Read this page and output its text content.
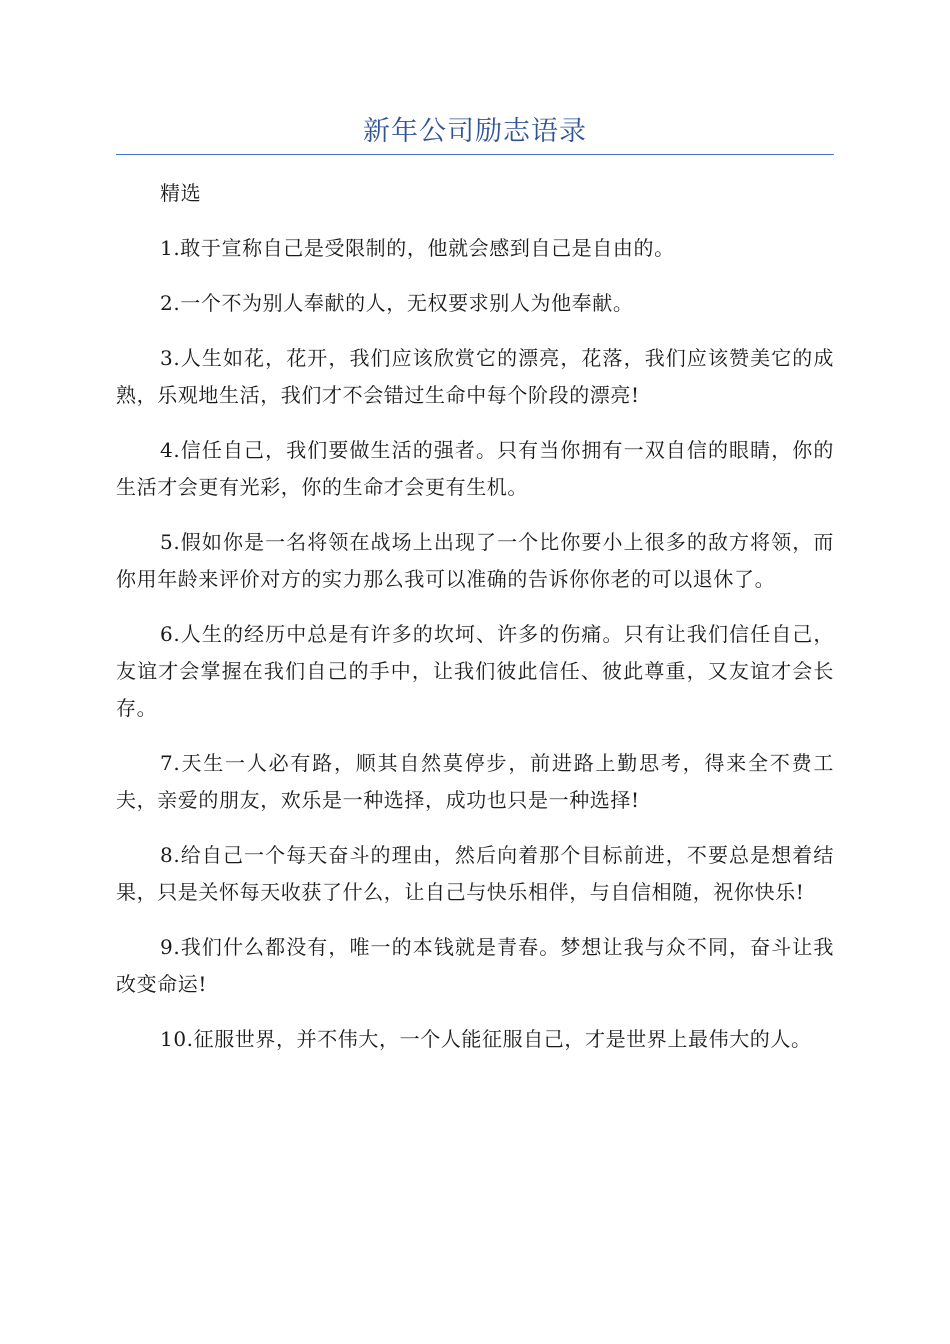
新年公司励志语录

精选

1.敢于宣称自己是受限制的，他就会感到自己是自由的。

2.一个不为别人奉献的人，无权要求别人为他奉献。

3.人生如花，花开，我们应该欣赏它的漂亮，花落，我们应该赞美它的成熟，乐观地生活，我们才不会错过生命中每个阶段的漂亮!

4.信任自己，我们要做生活的强者。只有当你拥有一双自信的眼睛，你的生活才会更有光彩，你的生命才会更有生机。

5.假如你是一名将领在战场上出现了一个比你要小上很多的敌方将领，而你用年龄来评价对方的实力那么我可以准确的告诉你你老的可以退休了。

6.人生的经历中总是有许多的坎坷、许多的伤痛。只有让我们信任自己，友谊才会掌握在我们自己的手中，让我们彼此信任、彼此尊重，又友谊才会长存。

7.天生一人必有路，顺其自然莫停步，前进路上勤思考，得来全不费工夫，亲爱的朋友，欢乐是一种选择，成功也只是一种选择!

8.给自己一个每天奋斗的理由，然后向着那个目标前进，不要总是想着结果，只是关怀每天收获了什么，让自己与快乐相伴，与自信相随，祝你快乐!

9.我们什么都没有，唯一的本钱就是青春。梦想让我与众不同，奋斗让我改变命运!

10.征服世界，并不伟大，一个人能征服自己，才是世界上最伟大的人。
